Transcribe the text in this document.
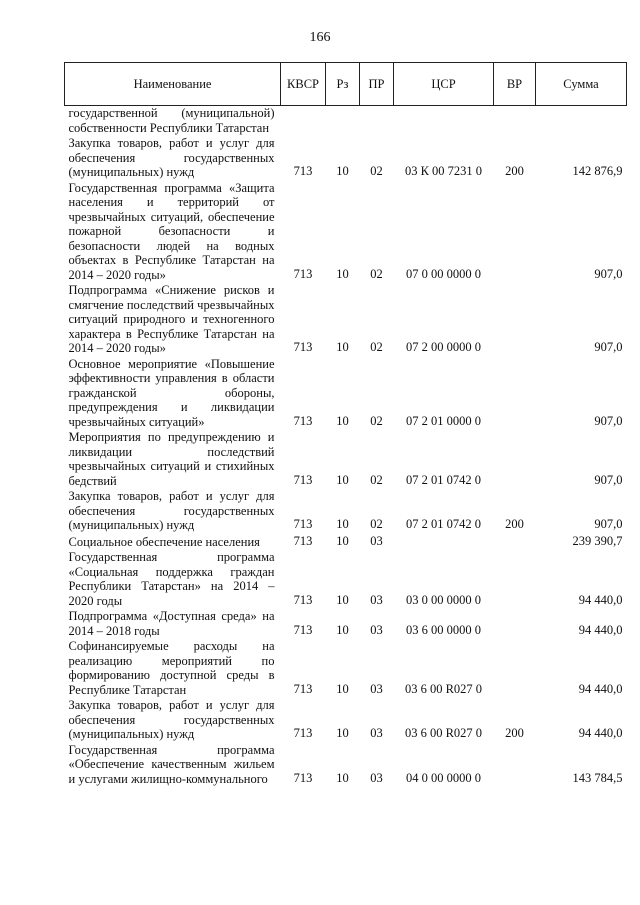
166
Наименование	КВСР	Рз	ПР	ЦСР	ВР	Сумма
государственной (муниципальной) собственности Республики Татарстан						
Закупка товаров, работ и услуг для обеспечения государственных (муниципальных) нужд	713	10	02	03 К 00 7231 0	200	142 876,9
Государственная программа «Защита населения и территорий от чрезвычайных ситуаций, обеспечение пожарной безопасности и безопасности людей на водных объектах в Республике Татарстан на 2014 – 2020 годы»	713	10	02	07 0 00 0000 0		907,0
Подпрограмма «Снижение рисков и смягчение последствий чрезвычайных ситуаций природного и техногенного характера в Республике Татарстан на 2014 – 2020 годы»	713	10	02	07 2 00 0000 0		907,0
Основное мероприятие «Повышение эффективности управления в области гражданской обороны, предупреждения и ликвидации чрезвычайных ситуаций»	713	10	02	07 2 01 0000 0		907,0
Мероприятия по предупреждению и ликвидации последствий чрезвычайных ситуаций и стихийных бедствий	713	10	02	07 2 01 0742 0		907,0
Закупка товаров, работ и услуг для обеспечения государственных (муниципальных) нужд	713	10	02	07 2 01 0742 0	200	907,0
Социальное обеспечение населения	713	10	03			239 390,7
Государственная программа «Социальная поддержка граждан Республики Татарстан» на 2014 – 2020 годы	713	10	03	03 0 00 0000 0		94 440,0
Подпрограмма «Доступная среда» на 2014 – 2018 годы	713	10	03	03 6 00 0000 0		94 440,0
Софинансируемые расходы на реализацию мероприятий по формированию доступной среды в Республике Татарстан	713	10	03	03 6 00 R027 0		94 440,0
Закупка товаров, работ и услуг для обеспечения государственных (муниципальных) нужд	713	10	03	03 6 00 R027 0	200	94 440,0
Государственная программа «Обеспечение качественным жильем и услугами жилищно-коммунального	713	10	03	04 0 00 0000 0		143 784,5
